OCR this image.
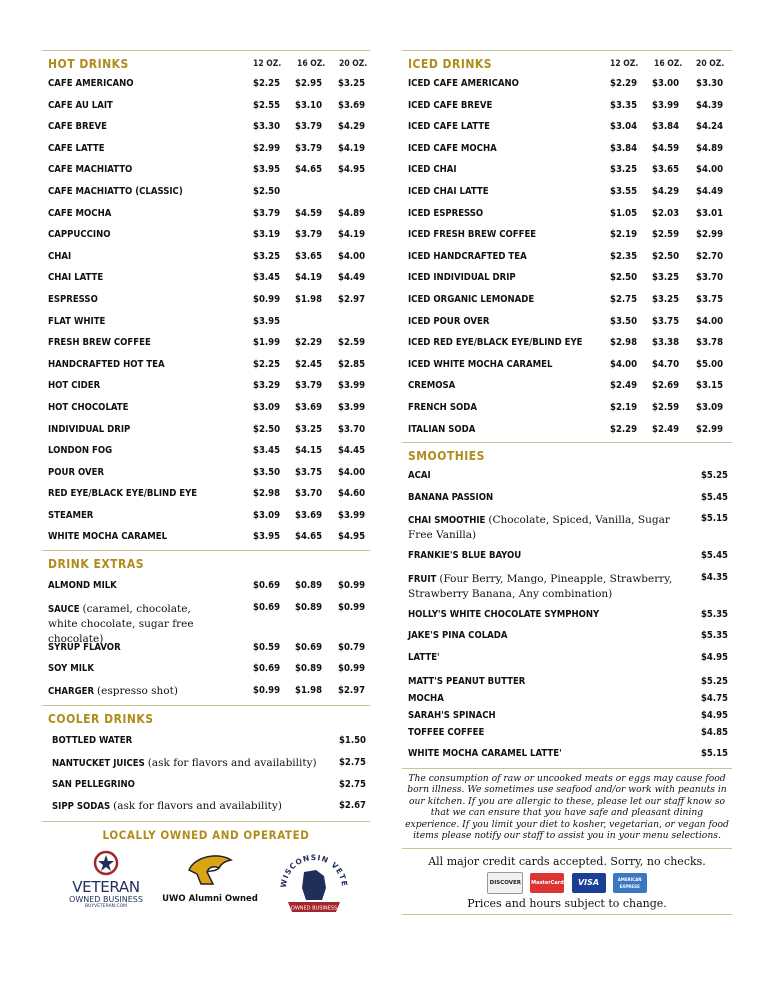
HOT DRINKS	12 OZ. 16 OZ. 20 OZ.
CAFE AMERICANO	$2.25 $2.95 $3.25
CAFE AU LAIT	$2.55 $3.10 $3.69
CAFE BREVE	$3.30 $3.79 $4.29
CAFE LATTE	$2.99 $3.79 $4.19
CAFE MACHIATTO	$3.95 $4.65 $4.95
CAFE MACHIATTO (CLASSIC)	$2.50
CAFE MOCHA	$3.79 $4.59 $4.89
CAPPUCCINO	$3.19 $3.79 $4.19
CHAI	$3.25 $3.65 $4.00
CHAI LATTE	$3.45 $4.19 $4.49
ESPRESSO	$0.99 $1.98 $2.97
FLAT WHITE	$3.95
FRESH BREW COFFEE	$1.99 $2.29 $2.59
HANDCRAFTED HOT TEA	$2.25 $2.45 $2.85
HOT CIDER	$3.29 $3.79 $3.99
HOT CHOCOLATE	$3.09 $3.69 $3.99
INDIVIDUAL DRIP	$2.50 $3.25 $3.70
LONDON FOG	$3.45 $4.15 $4.45
POUR OVER	$3.50 $3.75 $4.00
RED EYE/BLACK EYE/BLIND EYE	$2.98 $3.70 $4.60
STEAMER	$3.09 $3.69 $3.99
WHITE MOCHA CARAMEL	$3.95 $4.65 $4.95
DRINK EXTRAS
ALMOND MILK	$0.69 $0.89 $0.99
SAUCE (caramel, chocolate, white chocolate, sugar free chocolate)
$0.69 $0.89 $0.99
SYRUP FLAVOR	$0.59 $0.69 $0.79
SOY MILK	$0.69 $0.89 $0.99
CHARGER (espresso shot)	$0.99 $1.98 $2.97
COOLER DRINKS
BOTTLED WATER	$1.50
NANTUCKET JUICES (ask for flavors and availability) $2.75
SAN PELLEGRINO	$2.75
SIPP SODAS (ask for flavors and availability)	$2.67
LOCALLY OWNED AND OPERATED
VETERAN
OWNED BUSINESS
BUYVETERAN.COM
UWO Alumni Owned
WISCONSIN VETE
OWNED BUSINESS
ICED DRINKS	12 OZ. 16 OZ. 20 OZ.
ICED CAFE AMERICANO	$2.29 $3.00 $3.30
ICED CAFE BREVE	$3.35 $3.99 $4.39
ICED CAFE LATTE	$3.04 $3.84 $4.24
ICED CAFE MOCHA	$3.84 $4.59 $4.89
ICED CHAI	$3.25 $3.65 $4.00
ICED CHAI LATTE	$3.55 $4.29 $4.49
ICED ESPRESSO	$1.05 $2.03 $3.01
ICED FRESH BREW COFFEE	$2.19 $2.59 $2.99
ICED HANDCRAFTED TEA	$2.35 $2.50 $2.70
ICED INDIVIDUAL DRIP	$2.50 $3.25 $3.70
ICED ORGANIC LEMONADE	$2.75 $3.25 $3.75
ICED POUR OVER	$3.50 $3.75 $4.00
ICED RED EYE/BLACK EYE/BLIND EYE	$2.98 $3.38 $3.78
ICED WHITE MOCHA CARAMEL	$4.00 $4.70 $5.00
CREMOSA	$2.49 $2.69 $3.15
FRENCH SODA	$2.19 $2.59 $3.09
ITALIAN SODA	$2.29 $2.49 $2.99
SMOOTHIES
ACAI	$5.25
BANANA PASSION	$5.45
CHAI SMOOTHIE (Chocolate, Spiced, Vanilla, Sugar Free Vanilla)
$5.15
FRANKIE'S BLUE BAYOU	$5.45
FRUIT (Four Berry, Mango, Pineapple, Strawberry, Strawberry Banana, Any combination)
$4.35
HOLLY'S WHITE CHOCOLATE SYMPHONY	$5.35
JAKE'S PINA COLADA	$5.35
LATTE'	$4.95
MATT'S PEANUT BUTTER	$5.25
MOCHA	$4.75
SARAH'S SPINACH	$4.95
TOFFEE COFFEE	$4.85
WHITE MOCHA CARAMEL LATTE'	$5.15
The consumption of raw or uncooked meats or eggs may cause food born illness. We sometimes use seafood and/or work with peanuts in our kitchen. If you are allergic to these, please let our staff know so that we can ensure that you have safe and pleasant dining experience. If you limit your diet to kosher, vegetarian, or vegan food items please notify our staff to assist you in your menu selections.
All major credit cards accepted. Sorry, no checks.
DISCOVER MasterCard VISA	AMERICAN EXPRESS
Prices and hours subject to change.
